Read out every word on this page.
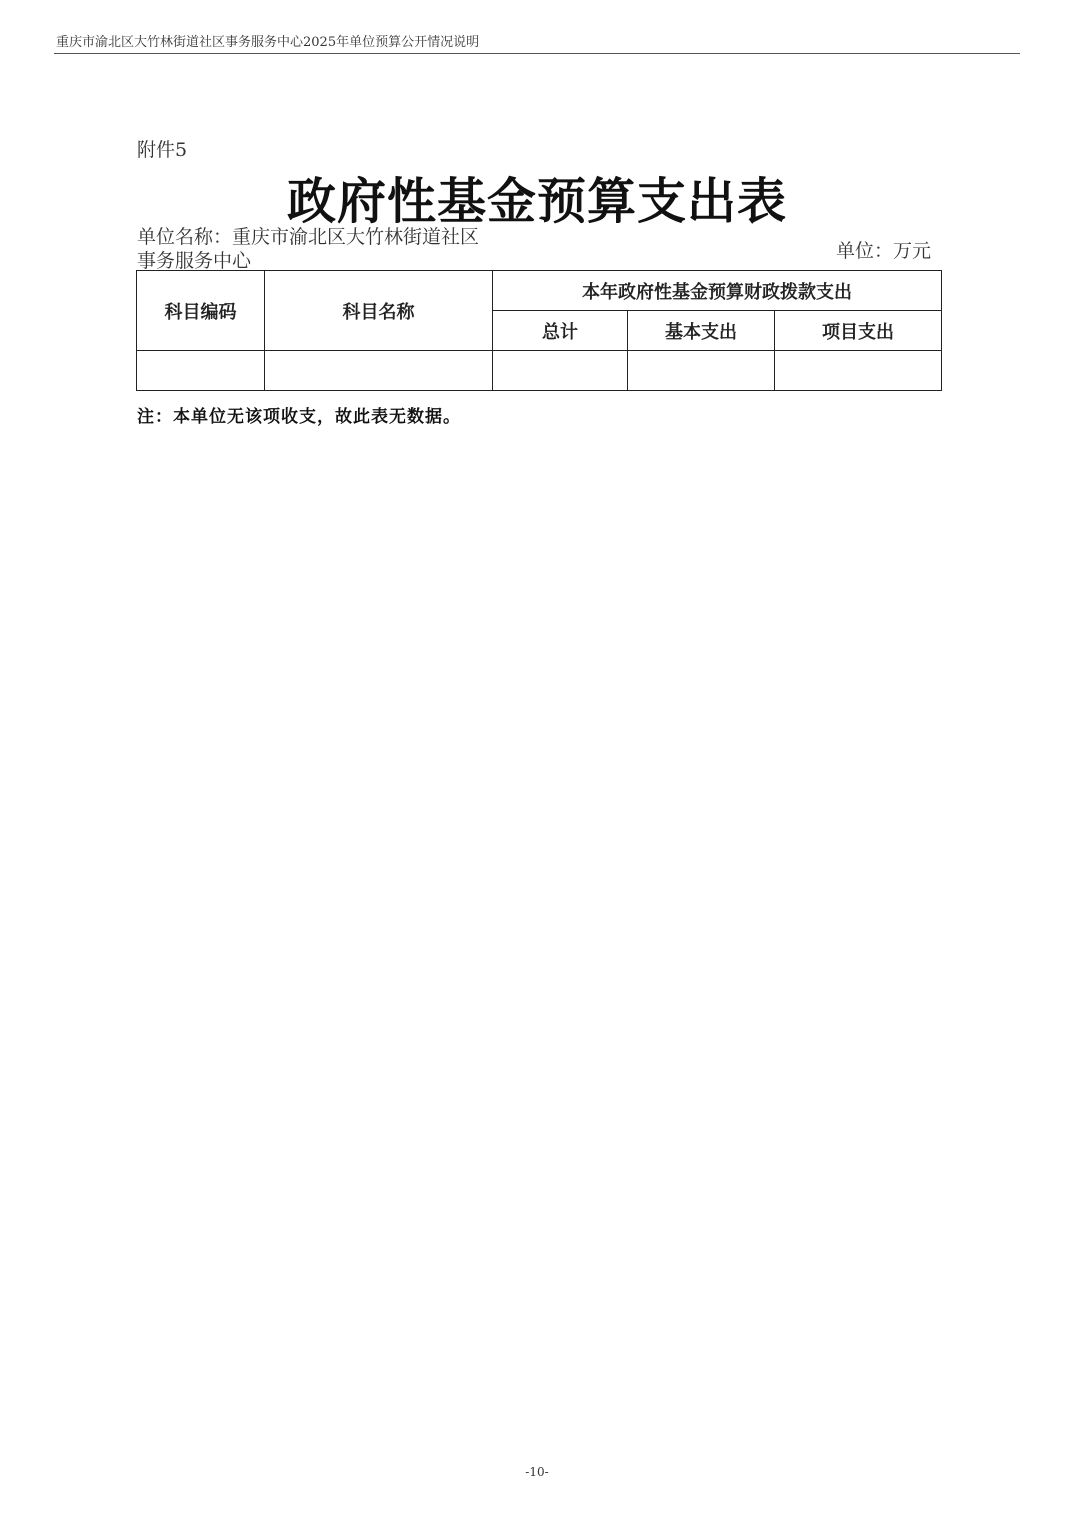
重庆市渝北区大竹林街道社区事务服务中心2025年单位预算公开情况说明
附件5
政府性基金预算支出表
单位名称：重庆市渝北区大竹林街道社区事务服务中心	单位：万元
科目编码	科目名称	本年政府性基金预算财政拨款支出		
		总计	基本支出	项目支出

注：本单位无该项收支，故此表无数据。
-10-
